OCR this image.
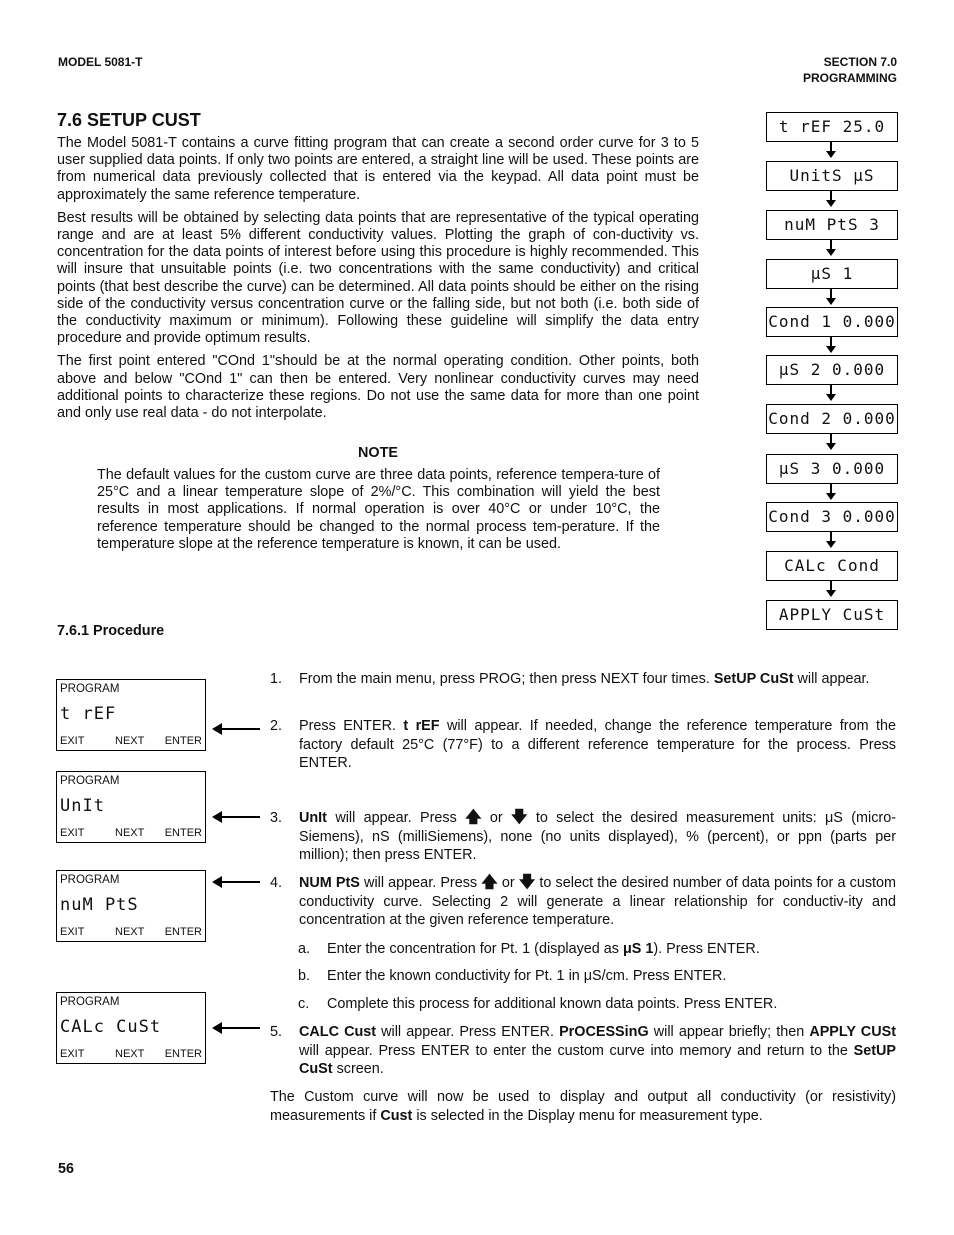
MODEL 5081-T	SECTION 7.0
PROGRAMMING
7.6 SETUP CUST

The Model 5081-T contains a curve fitting program that can create a second order curve for 3 to 5 user supplied data points. If only two points are entered, a straight line will be used. These points are from numerical data previously collected that is entered via the keypad. All data point must be approximately the same reference temperature.

Best results will be obtained by selecting data points that are representative of the typical operating range and are at least 5% different conductivity values. Plotting the graph of con-ductivity vs. concentration for the data points of interest before using this procedure is highly recommended. This will insure that unsuitable points (i.e. two concentrations with the same conductivity) and critical points (that best describe the curve) can be determined. All data points should be either on the rising side of the conductivity versus concentration curve or the falling side, but not both (i.e. both side of the conductivity maximum or minimum). Following these guideline will simplify the data entry procedure and provide optimum results.

The first point entered "COnd 1"should be at the normal operating condition. Other points, both above and below "COnd 1" can then be entered. Very nonlinear conductivity curves may need additional points to characterize these regions. Do not use the same data for more than one point and only use real data - do not interpolate.

NOTE
The default values for the custom curve are three data points, reference tempera-ture of 25°C and a linear temperature slope of 2%/°C. This combination will yield the best results in most applications. If normal operation is over 40°C or under 10°C, the reference temperature should be changed to the normal process tem-perature. If the temperature slope at the reference temperature is known, it can be used.
t rEF 25.0
UnitS μS
nuM PtS 3
μS 1
Cond 1 0.000
μS 2 0.000
Cond 2 0.000
μS 3 0.000
Cond 3 0.000
CALc Cond
APPLY CuSt
7.6.1 Procedure
PROGRAM
t rEF
EXIT	NEXT ENTER
PROGRAM
UnIt
EXIT	NEXT ENTER
PROGRAM
nuM PtS
EXIT	NEXT ENTER
PROGRAM
CALc CuSt
EXIT	NEXT ENTER
1. From the main menu, press PROG; then press NEXT four times. SetUP CuSt will appear.
2. Press ENTER. t rEF will appear. If needed, change the reference temperature from the factory default 25°C (77°F) to a different reference temperature for the process. Press ENTER.
3. UnIt will appear. Press 🡅 or 🡇 to select the desired measurement units: μS (micro-Siemens), nS (milliSiemens), none (no units displayed), % (percent), or ppn (parts per million); then press ENTER.
4. NUM PtS will appear. Press 🡅 or 🡇 to select the desired number of data points for a custom conductivity curve. Selecting 2 will generate a linear relationship for conductiv-ity and concentration at the given reference temperature.
a. Enter the concentration for Pt. 1 (displayed as μS 1). Press ENTER.
b. Enter the known conductivity for Pt. 1 in μS/cm. Press ENTER.
c. Complete this process for additional known data points. Press ENTER.
5. CALC Cust will appear. Press ENTER. PrOCESSinG will appear briefly; then APPLY CUSt will appear. Press ENTER to enter the custom curve into memory and return to the SetUP CuSt screen.
The Custom curve will now be used to display and output all conductivity (or resistivity) measurements if Cust is selected in the Display menu for measurement type.
56
